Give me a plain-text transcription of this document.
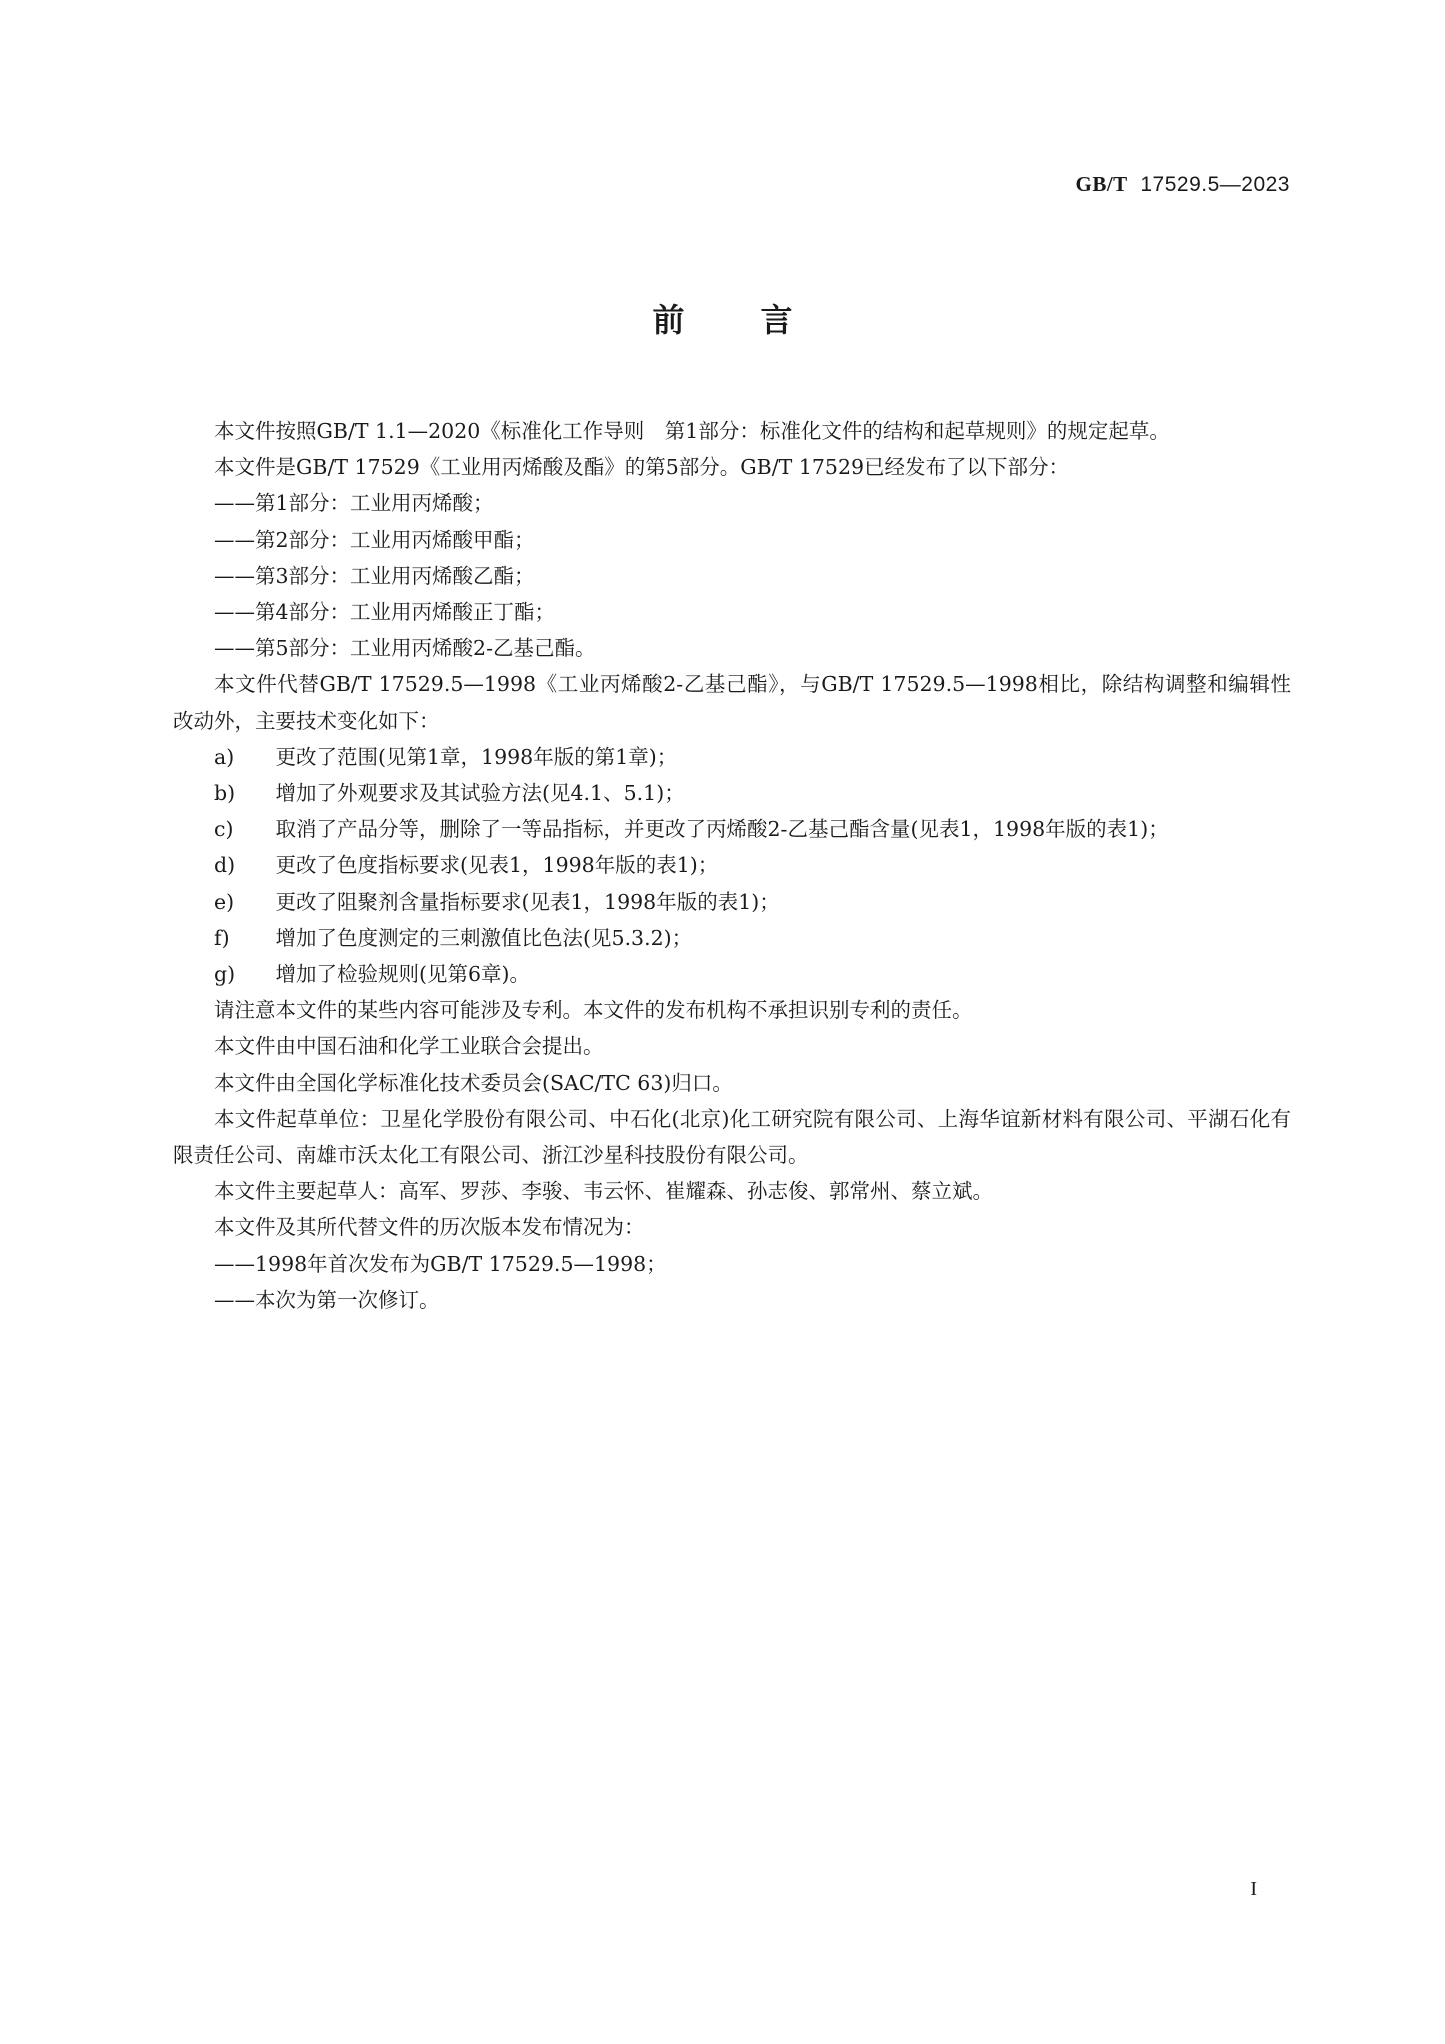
GB/T 17529.5—2023
前言

本文件按照GB/T 1.1—2020《标准化工作导则　第1部分：标准化文件的结构和起草规则》的规定起草。

本文件是GB/T 17529《工业用丙烯酸及酯》的第5部分。GB/T 17529已经发布了以下部分：

——第1部分：工业用丙烯酸；

——第2部分：工业用丙烯酸甲酯；

——第3部分：工业用丙烯酸乙酯；

——第4部分：工业用丙烯酸正丁酯；

——第5部分：工业用丙烯酸2-乙基己酯。

本文件代替GB/T 17529.5—1998《工业丙烯酸2-乙基己酯》，与GB/T 17529.5—1998相比，除结构调整和编辑性改动外，主要技术变化如下：

a) 更改了范围(见第1章，1998年版的第1章)；

b) 增加了外观要求及其试验方法(见4.1、5.1)；

c) 取消了产品分等，删除了一等品指标，并更改了丙烯酸2-乙基己酯含量(见表1，1998年版的表1)；

d) 更改了色度指标要求(见表1，1998年版的表1)；

e) 更改了阻聚剂含量指标要求(见表1，1998年版的表1)；

f) 增加了色度测定的三刺激值比色法(见5.3.2)；

g) 增加了检验规则(见第6章)。

请注意本文件的某些内容可能涉及专利。本文件的发布机构不承担识别专利的责任。

本文件由中国石油和化学工业联合会提出。

本文件由全国化学标准化技术委员会(SAC/TC 63)归口。

本文件起草单位：卫星化学股份有限公司、中石化(北京)化工研究院有限公司、上海华谊新材料有限公司、平湖石化有限责任公司、南雄市沃太化工有限公司、浙江沙星科技股份有限公司。

本文件主要起草人：高军、罗莎、李骏、韦云怀、崔耀森、孙志俊、郭常州、蔡立斌。

本文件及其所代替文件的历次版本发布情况为：

——1998年首次发布为GB/T 17529.5—1998；

——本次为第一次修订。

I
